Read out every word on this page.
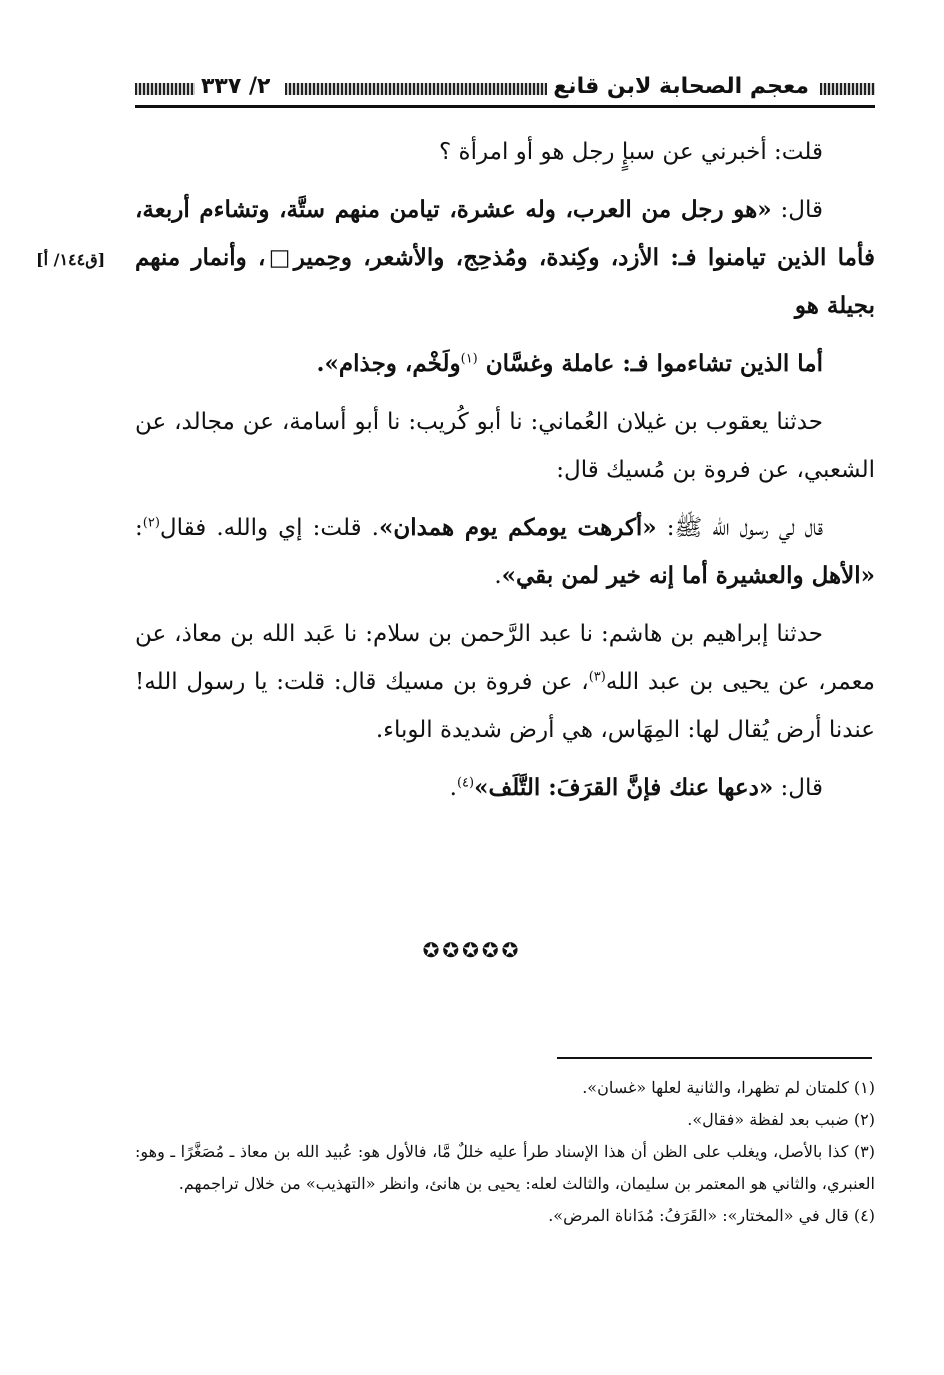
٢/ ٣٣٧	معجم الصحابة لابن قانع
[ق١٤٤/ أ]

قلت: أخبرني عن سبإٍ رجل هو أو امرأة ؟

قال: «هو رجل من العرب، وله عشرة، تيامن منهم ستَّة، وتشاءم أربعة، فأما الذين تيامنوا فـ: الأزد، وكِندة، ومُذحِج، والأشعر، وحِمير□، وأنمار منهم بجيلة هو

أما الذين تشاءموا فـ: عاملة وغسَّان $^{(١)}$ولَخْم، وجذام».

حدثنا يعقوب بن غيلان العُماني: نا أبو كُريب: نا أبو أسامة، عن مجالد، عن الشعبي، عن فروة بن مُسيك قال:

قال لي رسول الله ﷺ: «أكرهت يومكم يوم همدان». قلت: إي والله. فقال$^{(٢)}$: «الأهل والعشيرة أما إنه خير لمن بقي».

حدثنا إبراهيم بن هاشم: نا عبد الرَّحمن بن سلام: نا عَبد الله بن معاذ، عن معمر، عن يحيى بن عبد الله$^{(٣)}$، عن فروة بن مسيك قال: قلت: يا رسول الله! عندنا أرض يُقال لها: المِهَاس، هي أرض شديدة الوباء.

قال: «دعها عنك فإنَّ القرَفَ: التَّلَف»$^{(٤)}$.

✪✪✪✪✪

(١) كلمتان لم تظهرا، والثانية لعلها «غسان».

(٢) ضبب بعد لفظة «فقال».

(٣) كذا بالأصل، ويغلب على الظن أن هذا الإسناد طرأ عليه خللٌ مَّا، فالأول هو: عُبيد الله بن معاذ ـ مُصَغَّرًا ـ وهو: العنبري، والثاني هو المعتمر بن سليمان، والثالث لعله: يحيى بن هانئ، وانظر «التهذيب» من خلال تراجمهم.

(٤) قال في «المختار»: «القَرَفُ: مُدَاناة المرض».
